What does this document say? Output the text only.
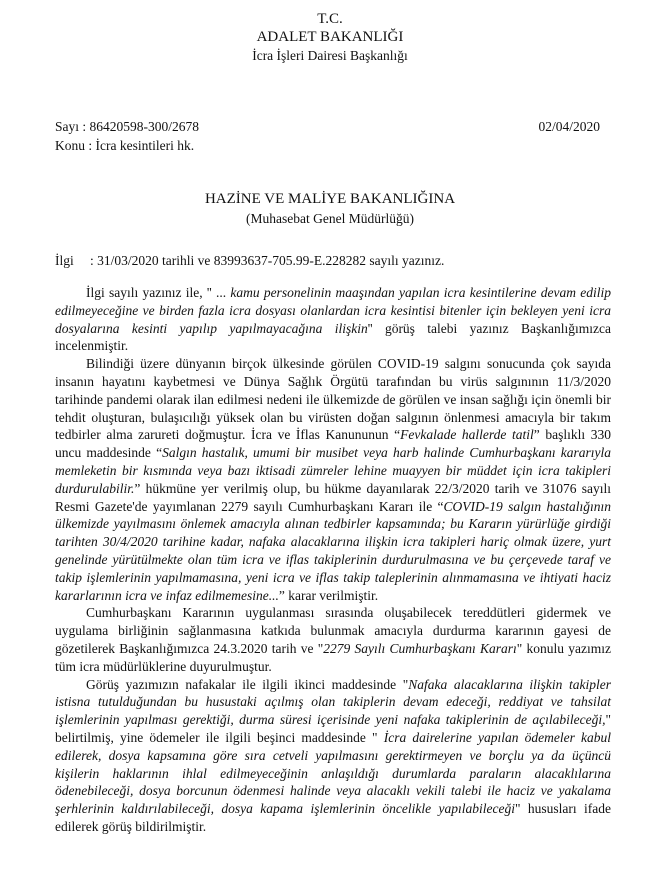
T.C.
ADALET BAKANLIĞI
İcra İşleri Dairesi Başkanlığı
Sayı : 86420598-300/2678	02/04/2020
Konu : İcra kesintileri hk.
HAZİNE VE MALİYE BAKANLIĞINA
(Muhasebat Genel Müdürlüğü)
İlgi : 31/03/2020 tarihli ve 83993637-705.99-E.228282 sayılı yazınız.

İlgi sayılı yazınız ile, '' ... kamu personelinin maaşından yapılan icra kesintilerine devam edilip edilmeyeceğine ve birden fazla icra dosyası olanlardan icra kesintisi bitenler için bekleyen yeni icra dosyalarına kesinti yapılıp yapılmayacağına ilişkin'' görüş talebi yazınız Başkanlığımızca incelenmiştir.

Bilindiği üzere dünyanın birçok ülkesinde görülen COVID-19 salgını sonucunda çok sayıda insanın hayatını kaybetmesi ve Dünya Sağlık Örgütü tarafından bu virüs salgınının 11/3/2020 tarihinde pandemi olarak ilan edilmesi nedeni ile ülkemizde de görülen ve insan sağlığı için önemli bir tehdit oluşturan, bulaşıcılığı yüksek olan bu virüsten doğan salgının önlenmesi amacıyla bir takım tedbirler alma zarureti doğmuştur. İcra ve İflas Kanununun “Fevkalade hallerde tatil” başlıklı 330 uncu maddesinde “Salgın hastalık, umumi bir musibet veya harb halinde Cumhurbaşkanı kararıyla memleketin bir kısmında veya bazı iktisadi zümreler lehine muayyen bir müddet için icra takipleri durdurulabilir.” hükmüne yer verilmiş olup, bu hükme dayanılarak 22/3/2020 tarih ve 31076 sayılı Resmi Gazete'de yayımlanan 2279 sayılı Cumhurbaşkanı Kararı ile “COVID-19 salgın hastalığının ülkemizde yayılmasını önlemek amacıyla alınan tedbirler kapsamında; bu Kararın yürürlüğe girdiği tarihten 30/4/2020 tarihine kadar, nafaka alacaklarına ilişkin icra takipleri hariç olmak üzere, yurt genelinde yürütülmekte olan tüm icra ve iflas takiplerinin durdurulmasına ve bu çerçevede taraf ve takip işlemlerinin yapılmamasına, yeni icra ve iflas takip taleplerinin alınmamasına ve ihtiyati haciz kararlarının icra ve infaz edilmemesine...” karar verilmiştir.

Cumhurbaşkanı Kararının uygulanması sırasında oluşabilecek tereddütleri gidermek ve uygulama birliğinin sağlanmasına katkıda bulunmak amacıyla durdurma kararının gayesi de gözetilerek Başkanlığımızca 24.3.2020 tarih ve "2279 Sayılı Cumhurbaşkanı Kararı" konulu yazımız tüm icra müdürlüklerine duyurulmuştur.

Görüş yazımızın nafakalar ile ilgili ikinci maddesinde "Nafaka alacaklarına ilişkin takipler istisna tutulduğundan bu husustaki açılmış olan takiplerin devam edeceği, reddiyat ve tahsilat işlemlerinin yapılması gerektiği, durma süresi içerisinde yeni nafaka takiplerinin de açılabileceği," belirtilmiş, yine ödemeler ile ilgili beşinci maddesinde " İcra dairelerine yapılan ödemeler kabul edilerek, dosya kapsamına göre sıra cetveli yapılmasını gerektirmeyen ve borçlu ya da üçüncü kişilerin haklarının ihlal edilmeyeceğinin anlaşıldığı durumlarda paraların alacaklılarına ödenebileceği, dosya borcunun ödenmesi halinde veya alacaklı vekili talebi ile haciz ve yakalama şerhlerinin kaldırılabileceği, dosya kapama işlemlerinin öncelikle yapılabileceği" hususları ifade edilerek görüş bildirilmiştir.
